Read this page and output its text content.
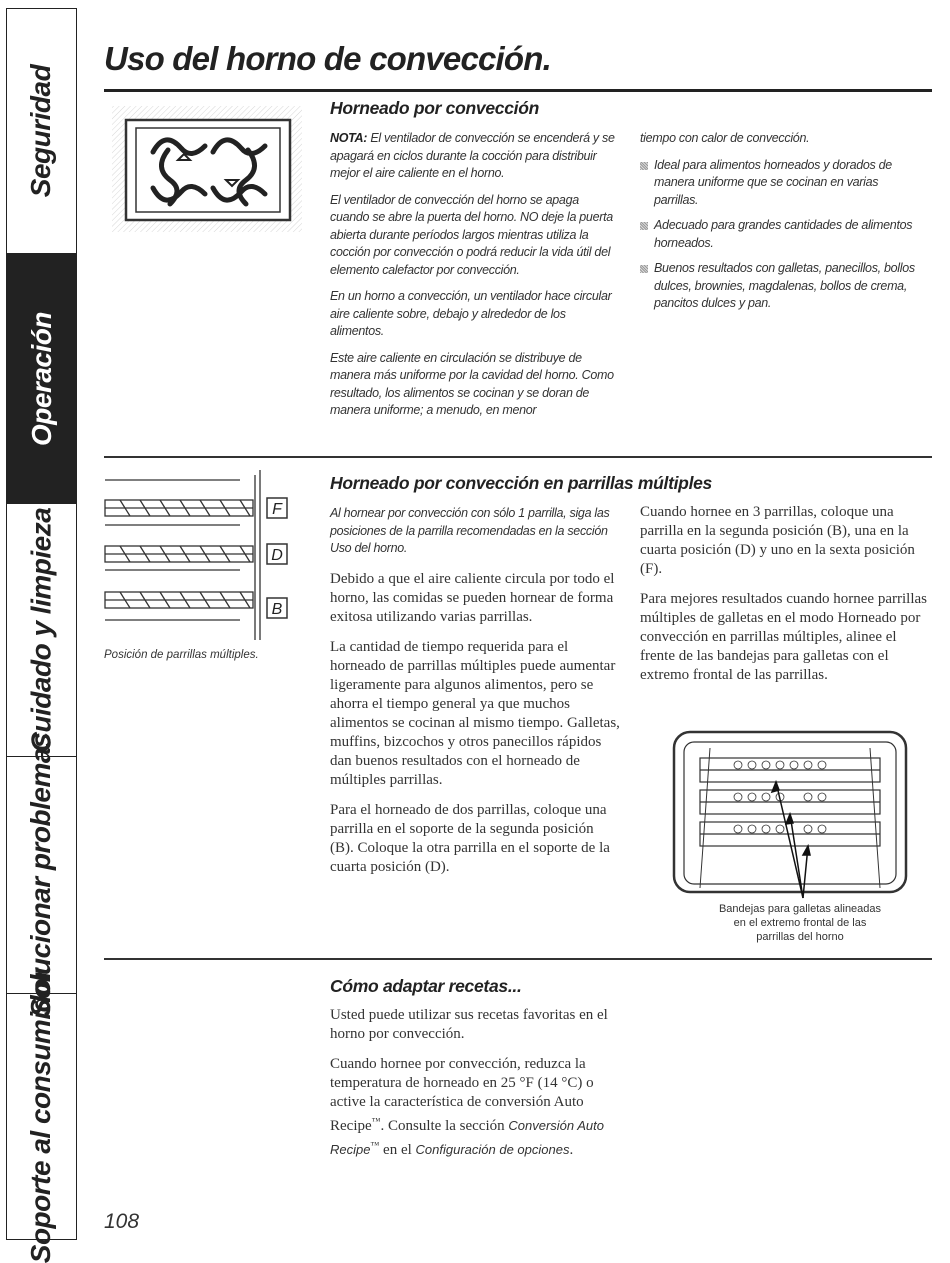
Seguridad
Operación
Cuidado y limpieza
Solucionar problemas
Soporte al consumidor
Uso del horno de convección.
Horneado por convección

NOTA: El ventilador de convección se encenderá y se apagará en ciclos durante la cocción para distribuir mejor el aire caliente en el horno.

El ventilador de convección del horno se apaga cuando se abre la puerta del horno. NO deje la puerta abierta durante períodos largos mientras utiliza la cocción por convección o podrá reducir la vida útil del elemento calefactor por convección.

En un horno a convección, un ventilador hace circular aire caliente sobre, debajo y alrededor de los alimentos.

Este aire caliente en circulación se distribuye de manera más uniforme por la cavidad del horno. Como resultado, los alimentos se cocinan y se doran de manera uniforme; a menudo, en menor

tiempo con calor de convección.

Ideal para alimentos horneados y dorados de manera uniforme que se cocinan en varias parrillas.
Adecuado para grandes cantidades de alimentos horneados.
Buenos resultados con galletas, panecillos, bollos dulces, brownies, magdalenas, bollos de crema, pancitos dulces y pan.
F
D
B
Posición de parrillas múltiples.
Horneado por convección en parrillas múltiples
Al hornear por convección con sólo 1 parrilla, siga las posiciones de la parrilla recomendadas en la sección Uso del horno.

Debido a que el aire caliente circula por todo el horno, las comidas se pueden hornear de forma exitosa utilizando varias parrillas.

La cantidad de tiempo requerida para el horneado de parrillas múltiples puede aumentar ligeramente para algunos alimentos, pero se ahorra el tiempo general ya que muchos alimentos se cocinan al mismo tiempo. Galletas, muffins, bizcochos y otros panecillos rápidos dan buenos resultados con el horneado de múltiples parrillas.

Para el horneado de dos parrillas, coloque una parrilla en el soporte de la segunda posición (B). Coloque la otra parrilla en el soporte de la cuarta posición (D).

Cuando hornee en 3 parrillas, coloque una parrilla en la segunda posición (B), una en la cuarta posición (D) y uno en la sexta posición (F).

Para mejores resultados cuando hornee parrillas múltiples de galletas en el modo Horneado por convección en parrillas múltiples, alinee el frente de las bandejas para galletas con el extremo frontal de las parrillas.

Bandejas para galletas alineadas
en el extremo frontal de las
parrillas del horno
Cómo adaptar recetas...

Usted puede utilizar sus recetas favoritas en el horno por convección.

Cuando hornee por convección, reduzca la temperatura de horneado en 25 °F (14 °C) o active la característica de conversión Auto Recipe™. Consulte la sección Conversión Auto Recipe™ en el Configuración de opciones.

108
